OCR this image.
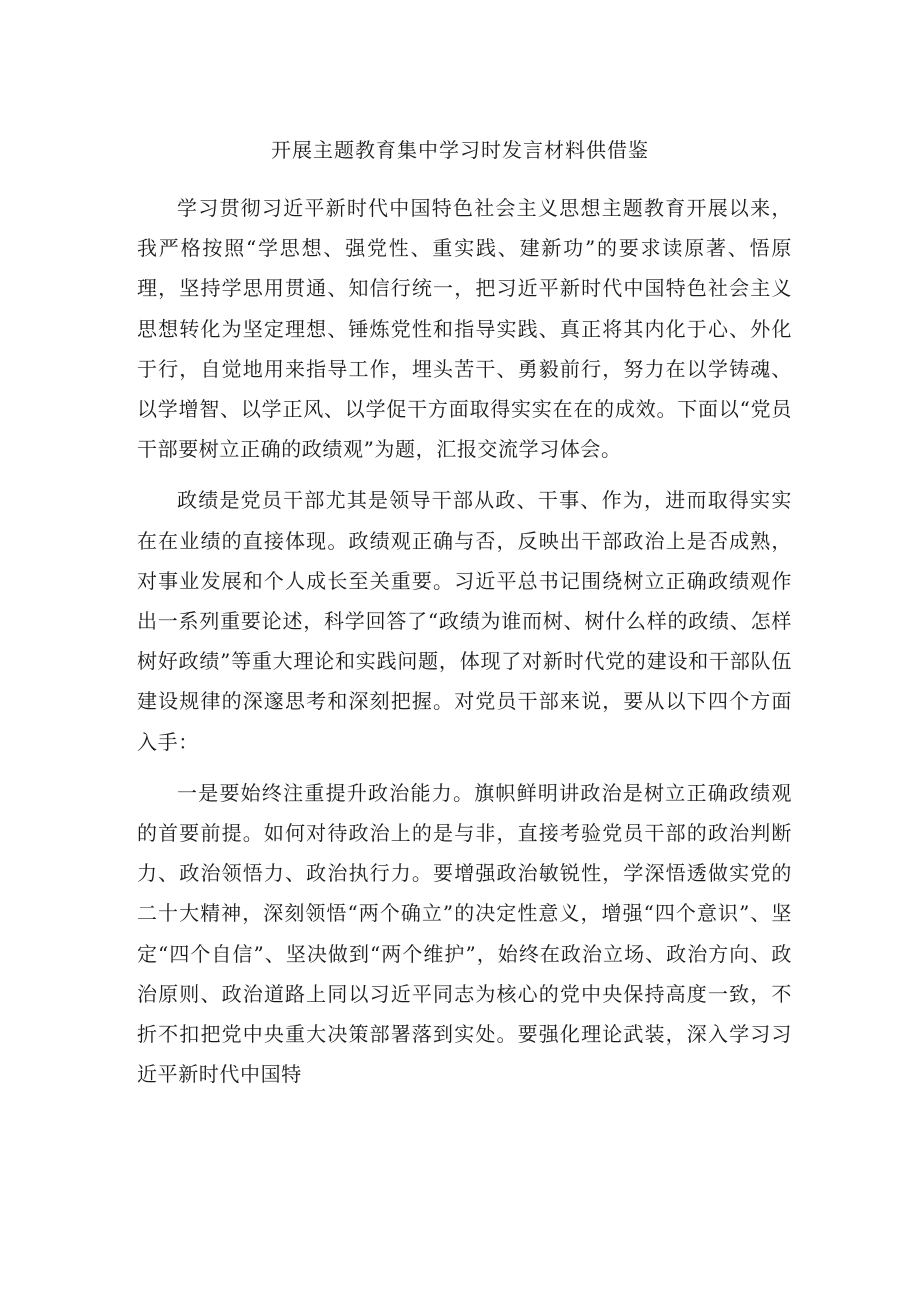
开展主题教育集中学习时发言材料供借鉴

学习贯彻习近平新时代中国特色社会主义思想主题教育开展以来，我严格按照“学思想、强党性、重实践、建新功”的要求读原著、悟原理，坚持学思用贯通、知信行统一，把习近平新时代中国特色社会主义思想转化为坚定理想、锤炼党性和指导实践、真正将其内化于心、外化于行，自觉地用来指导工作，埋头苦干、勇毅前行，努力在以学铸魂、以学增智、以学正风、以学促干方面取得实实在在的成效。下面以“党员干部要树立正确的政绩观”为题，汇报交流学习体会。

政绩是党员干部尤其是领导干部从政、干事、作为，进而取得实实在在业绩的直接体现。政绩观正确与否，反映出干部政治上是否成熟，对事业发展和个人成长至关重要。习近平总书记围绕树立正确政绩观作出一系列重要论述，科学回答了“政绩为谁而树、树什么样的政绩、怎样树好政绩”等重大理论和实践问题，体现了对新时代党的建设和干部队伍建设规律的深邃思考和深刻把握。对党员干部来说，要从以下四个方面入手：

一是要始终注重提升政治能力。旗帜鲜明讲政治是树立正确政绩观的首要前提。如何对待政治上的是与非，直接考验党员干部的政治判断力、政治领悟力、政治执行力。要增强政治敏锐性，学深悟透做实党的二十大精神，深刻领悟“两个确立”的决定性意义，增强“四个意识”、坚定“四个自信”、坚决做到“两个维护”，始终在政治立场、政治方向、政治原则、政治道路上同以习近平同志为核心的党中央保持高度一致，不折不扣把党中央重大决策部署落到实处。要强化理论武装，深入学习习近平新时代中国特
